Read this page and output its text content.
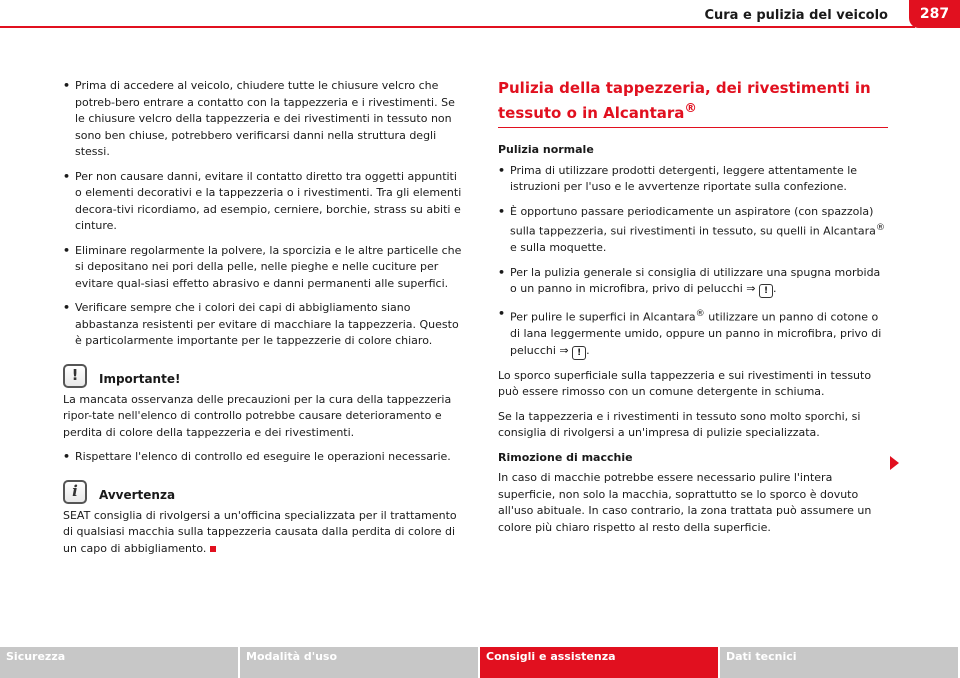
Cura e pulizia del veicolo	287
• Prima di accedere al veicolo, chiudere tutte le chiusure velcro che potreb-bero entrare a contatto con la tappezzeria e i rivestimenti. Se le chiusure velcro della tappezzeria e dei rivestimenti in tessuto non sono ben chiuse, potrebbero verificarsi danni nella struttura degli stessi.
• Per non causare danni, evitare il contatto diretto tra oggetti appuntiti o elementi decorativi e la tappezzeria o i rivestimenti. Tra gli elementi decora-tivi ricordiamo, ad esempio, cerniere, borchie, strass su abiti e cinture.
• Eliminare regolarmente la polvere, la sporcizia e le altre particelle che si depositano nei pori della pelle, nelle pieghe e nelle cuciture per evitare qual-siasi effetto abrasivo e danni permanenti alle superfici.
• Verificare sempre che i colori dei capi di abbigliamento siano abbastanza resistenti per evitare di macchiare la tappezzeria. Questo è particolarmente importante per le tappezzerie di colore chiaro.
!	Importante!

La mancata osservanza delle precauzioni per la cura della tappezzeria ripor-tate nell'elenco di controllo potrebbe causare deterioramento e perdita di colore della tappezzeria e dei rivestimenti.

• Rispettare l'elenco di controllo ed eseguire le operazioni necessarie.
i	Avvertenza

SEAT consiglia di rivolgersi a un'officina specializzata per il trattamento di qualsiasi macchia sulla tappezzeria causata dalla perdita di colore di un capo di abbigliamento.

Pulizia della tappezzeria, dei rivestimenti in tessuto o in Alcantara®

Pulizia normale

• Prima di utilizzare prodotti detergenti, leggere attentamente le istruzioni per l'uso e le avvertenze riportate sulla confezione.
• È opportuno passare periodicamente un aspiratore (con spazzola) sulla tappezzeria, sui rivestimenti in tessuto, su quelli in Alcantara® e sulla moquette.
• Per la pulizia generale si consiglia di utilizzare una spugna morbida o un panno in microfibra, privo di pelucchi ⇒ ! .
• Per pulire le superfici in Alcantara® utilizzare un panno di cotone o di lana leggermente umido, oppure un panno in microfibra, privo di pelucchi ⇒ ! .

Lo sporco superficiale sulla tappezzeria e sui rivestimenti in tessuto può essere rimosso con un comune detergente in schiuma.

Se la tappezzeria e i rivestimenti in tessuto sono molto sporchi, si consiglia di rivolgersi a un'impresa di pulizie specializzata.

Rimozione di macchie

In caso di macchie potrebbe essere necessario pulire l'intera superficie, non solo la macchia, soprattutto se lo sporco è dovuto all'uso abituale. In caso contrario, la zona trattata può assumere un colore più chiaro rispetto al resto della superficie.

Sicurezza	Modalità d'uso	Consigli e assistenza	Dati tecnici
